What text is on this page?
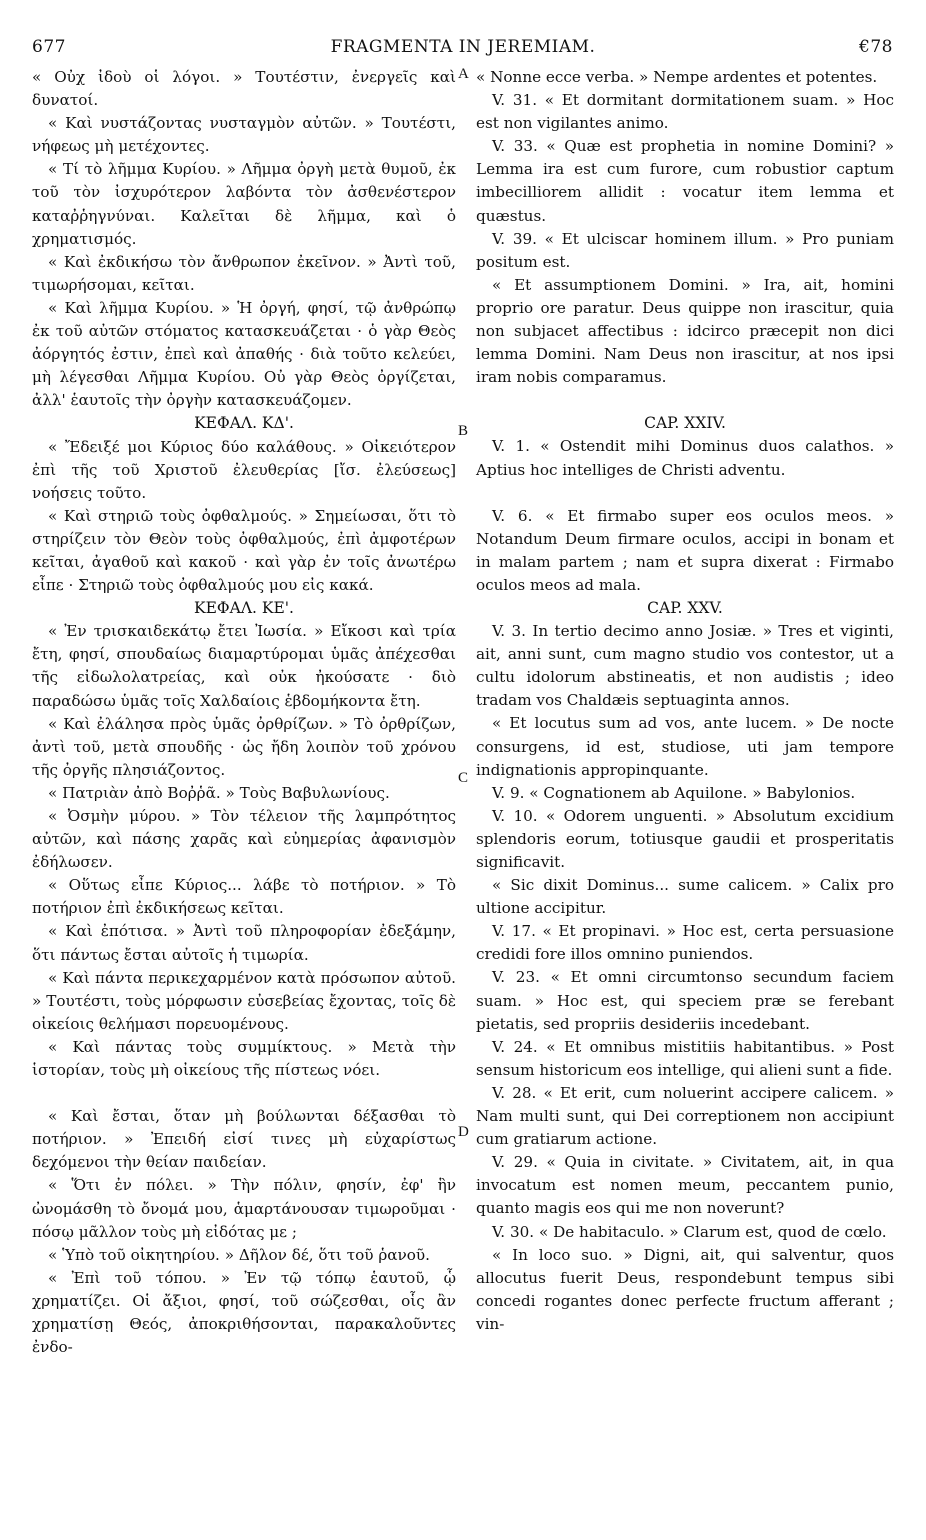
677	FRAGMENTA IN JEREMIAM.	€78

« Οὐχ ἰδοὺ οἱ λόγοι. » Τουτέστιν, ἐνεργεῖς καὶ δυνατοί.

« Καὶ νυστάζοντας νυσταγμὸν αὐτῶν. » Τουτέστι, νήφεως μὴ μετέχοντες.

« Τί τὸ λῆμμα Κυρίου. » Λῆμμα ὀργὴ μετὰ θυμοῦ, ἐκ τοῦ τὸν ἰσχυρότερον λαβόντα τὸν ἀσθενέστερον καταῤῥηγνύναι. Καλεῖται δὲ λῆμμα, καὶ ὁ χρηματισμός.

« Καὶ ἐκδικήσω τὸν ἄνθρωπον ἐκεῖνον. » Ἀντὶ τοῦ, τιμωρήσομαι, κεῖται.

« Καὶ λῆμμα Κυρίου. » Ἡ ὀργή, φησί, τῷ ἀνθρώπῳ ἐκ τοῦ αὐτῶν στόματος κατασκευάζεται · ὁ γὰρ Θεὸς ἀόργητός ἐστιν, ἐπεὶ καὶ ἀπαθής · διὰ τοῦτο κελεύει, μὴ λέγεσθαι Λῆμμα Κυρίου. Οὐ γὰρ Θεὸς ὀργίζεται, ἀλλ' ἑαυτοῖς τὴν ὀργὴν κατασκευάζομεν.

ΚΕΦΑΛ. ΚΔ'.

« Ἔδειξέ μοι Κύριος δύο καλάθους. » Οἰκειότερον ἐπὶ τῆς τοῦ Χριστοῦ ἐλευθερίας [ἴσ. ἐλεύσεως] νοήσεις τοῦτο.

« Καὶ στηριῶ τοὺς ὀφθαλμούς. » Σημείωσαι, ὅτι τὸ στηρίζειν τὸν Θεὸν τοὺς ὀφθαλμούς, ἐπὶ ἀμφοτέρων κεῖται, ἀγαθοῦ καὶ κακοῦ · καὶ γὰρ ἐν τοῖς ἀνωτέρω εἶπε · Στηριῶ τοὺς ὀφθαλμούς μου εἰς κακά.

ΚΕΦΑΛ. ΚΕ'.

« Ἐν τρισκαιδεκάτῳ ἔτει Ἰωσία. » Εἴκοσι καὶ τρία ἔτη, φησί, σπουδαίως διαμαρτύρομαι ὑμᾶς ἀπέχεσθαι τῆς εἰδωλολατρείας, καὶ οὐκ ἠκούσατε · διὸ παραδώσω ὑμᾶς τοῖς Χαλδαίοις ἑβδομήκοντα ἔτη.

« Καὶ ἐλάλησα πρὸς ὑμᾶς ὀρθρίζων. » Τὸ ὀρθρίζων, ἀντὶ τοῦ, μετὰ σπουδῆς · ὡς ἤδη λοιπὸν τοῦ χρόνου τῆς ὀργῆς πλησιάζοντος.

« Πατριὰν ἀπὸ Βοῤῥᾶ. » Τοὺς Βαβυλωνίους.

« Ὀσμὴν μύρου. » Τὸν τέλειον τῆς λαμπρότητος αὐτῶν, καὶ πάσης χαρᾶς καὶ εὐημερίας ἀφανισμὸν ἐδήλωσεν.

« Οὕτως εἶπε Κύριος... λάβε τὸ ποτήριον. » Τὸ ποτήριον ἐπὶ ἐκδικήσεως κεῖται.

« Καὶ ἐπότισα. » Ἀντὶ τοῦ πληροφορίαν ἐδεξάμην, ὅτι πάντως ἔσται αὐτοῖς ἡ τιμωρία.

« Καὶ πάντα περικεχαρμένον κατὰ πρόσωπον αὐτοῦ. » Τουτέστι, τοὺς μόρφωσιν εὐσεβείας ἔχοντας, τοῖς δὲ οἰκείοις θελήμασι πορευομένους.

« Καὶ πάντας τοὺς συμμίκτους. » Μετὰ τὴν ἱστορίαν, τοὺς μὴ οἰκείους τῆς πίστεως νόει.

« Καὶ ἔσται, ὅταν μὴ βούλωνται δέξασθαι τὸ ποτήριον. » Ἐπειδή εἰσί τινες μὴ εὐχαρίστως δεχόμενοι τὴν θείαν παιδείαν.

« Ὅτι ἐν πόλει. » Τὴν πόλιν, φησίν, ἐφ' ἣν ὠνομάσθη τὸ ὄνομά μου, ἁμαρτάνουσαν τιμωροῦμαι · πόσῳ μᾶλλον τοὺς μὴ εἰδότας με ;

« Ὑπὸ τοῦ οἰκητηρίου. » Δῆλον δέ, ὅτι τοῦ ῥανοῦ.

« Ἐπὶ τοῦ τόπου. » Ἐν τῷ τόπῳ ἑαυτοῦ, ᾧ χρηματίζει. Οἱ ἄξιοι, φησί, τοῦ σώζεσθαι, οἷς ἂν χρηματίσῃ Θεός, ἀποκριθήσονται, παρακαλοῦντες ἐνδο-

« Nonne ecce verba. » Nempe ardentes et potentes.

V. 31. « Et dormitant dormitationem suam. » Hoc est non vigilantes animo.

V. 33. « Quæ est prophetia in nomine Domini? » Lemma ira est cum furore, cum robustior captum imbecilliorem allidit : vocatur item lemma et quæstus.

V. 39. « Et ulciscar hominem illum. » Pro puniam positum est.

« Et assumptionem Domini. » Ira, ait, homini proprio ore paratur. Deus quippe non irascitur, quia non subjacet affectibus : idcirco præcepit non dici lemma Domini. Nam Deus non irascitur, at nos ipsi iram nobis comparamus.

CAP. XXIV.

V. 1. « Ostendit mihi Dominus duos calathos. » Aptius hoc intelliges de Christi adventu.

V. 6. « Et firmabo super eos oculos meos. » Notandum Deum firmare oculos, accipi in bonam et in malam partem ; nam et supra dixerat : Firmabo oculos meos ad mala.

CAP. XXV.

V. 3. In tertio decimo anno Josiæ. » Tres et viginti, ait, anni sunt, cum magno studio vos contestor, ut a cultu idolorum abstineatis, et non audistis ; ideo tradam vos Chaldæis septuaginta annos.

« Et locutus sum ad vos, ante lucem. » De nocte consurgens, id est, studiose, uti jam tempore indignationis appropinquante.

V. 9. « Cognationem ab Aquilone. » Babylonios.

V. 10. « Odorem unguenti. » Absolutum excidium splendoris eorum, totiusque gaudii et prosperitatis significavit.

« Sic dixit Dominus... sume calicem. » Calix pro ultione accipitur.

V. 17. « Et propinavi. » Hoc est, certa persuasione credidi fore illos omnino puniendos.

V. 23. « Et omni circumtonso secundum faciem suam. » Hoc est, qui speciem præ se ferebant pietatis, sed propriis desideriis incedebant.

V. 24. « Et omnibus mistitiis habitantibus. » Post sensum historicum eos intellige, qui alieni sunt a fide.

V. 28. « Et erit, cum noluerint accipere calicem. » Nam multi sunt, qui Dei correptionem non accipiunt cum gratiarum actione.

V. 29. « Quia in civitate. » Civitatem, ait, in qua invocatum est nomen meum, peccantem punio, quanto magis eos qui me non noverunt?

V. 30. « De habitaculo. » Clarum est, quod de cœlo.

« In loco suo. » Digni, ait, qui salventur, quos allocutus fuerit Deus, respondebunt tempus sibi concedi rogantes donec perfecte fructum afferant ; vin-

A
B
C
D
